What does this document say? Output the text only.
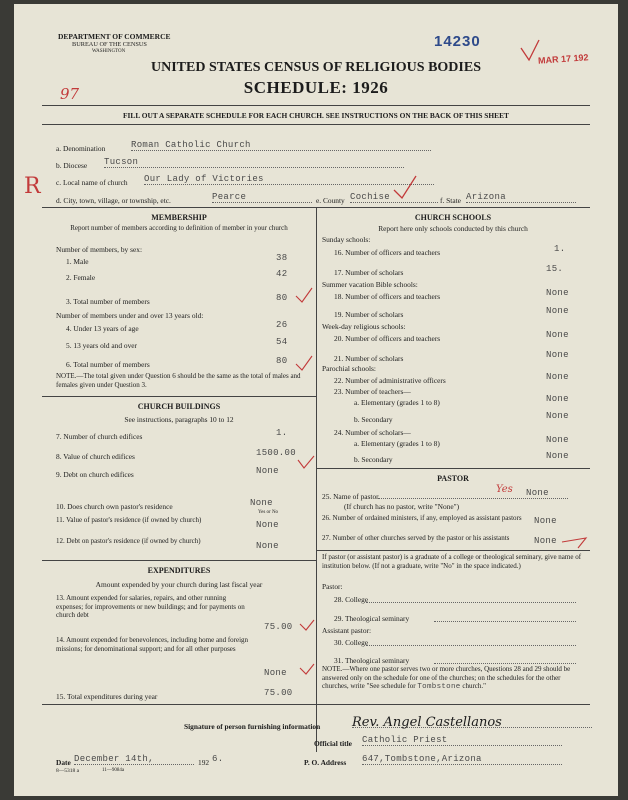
DEPARTMENT OF COMMERCE
BUREAU OF THE CENSUS
WASHINGTON
14230
MAR 17 192
UNITED STATES CENSUS OF RELIGIOUS BODIES
SCHEDULE: 1926
97
FILL OUT A SEPARATE SCHEDULE FOR EACH CHURCH. SEE INSTRUCTIONS ON THE BACK OF THIS SHEET
R
a. Denomination	Roman Catholic Church
b. Diocese Tucson
c. Local name of church Our Lady of Victories
d. City, town, village, or township, etc.	Pearce	e. County Cochise	f. State Arizona
MEMBERSHIP
Report number of members according to definition of member in your church
Number of members, by sex:
1. Male	38
2. Female	42
3. Total number of members	80
Number of members under and over 13 years old:
4. Under 13 years of age	26
5. 13 years old and over	54
6. Total number of members	80
NOTE.—The total given under Question 6 should be the same as the total of males and females given under Question 3.
CHURCH BUILDINGS
See instructions, paragraphs 10 to 12
7. Number of church edifices	1.
8. Value of church edifices	1500.00
9. Debt on church edifices	None
10. Does church own pastor's residence	None
Yes or No
11. Value of pastor's residence (if owned by church)	None
12. Debt on pastor's residence (if owned by church)	None
EXPENDITURES
Amount expended by your church during last fiscal year
13. Amount expended for salaries, repairs, and other running expenses; for improvements or new buildings; and for payments on church debt
75.00
14. Amount expended for benevolences, including home and foreign missions; for denominational support; and for all other purposes
None
15. Total expenditures during year	75.00
CHURCH SCHOOLS
Report here only schools conducted by this church
Sunday schools:
16. Number of officers and teachers	1.
17. Number of scholars	15.
Summer vacation Bible schools:
18. Number of officers and teachers	None
19. Number of scholars	None
Week-day religious schools:
20. Number of officers and teachers	None
21. Number of scholars	None
Parochial schools:
22. Number of administrative officers	None
23. Number of teachers—
a. Elementary (grades 1 to 8)	None
b. Secondary	None
24. Number of scholars—
a. Elementary (grades 1 to 8)	None
b. Secondary	None
PASTOR
25. Name of pastor
Yes None
(If church has no pastor, write "None")
26. Number of ordained ministers, if any, employed as assistant pastors None
27. Number of other churches served by the pastor or his assistants	None
If pastor (or assistant pastor) is a graduate of a college or theological seminary, give name of institution below. (If not a graduate, write "No" in the space indicated.)
Pastor:
28. College
29. Theological seminary
Assistant pastor:
30. College
31. Theological seminary
NOTE.—Where one pastor serves two or more churches, Questions 28 and 29 should be answered only on the schedule for one of the churches; on the schedules for the other churches, write "See schedule for Tombstone church."
Signature of person furnishing information Rev. Angel Castellanos
Official title Catholic Priest
Date December 14th,	192 6.	P. O. Address 647,Tombstone,Arizona
8—5318 a	11—9084a
